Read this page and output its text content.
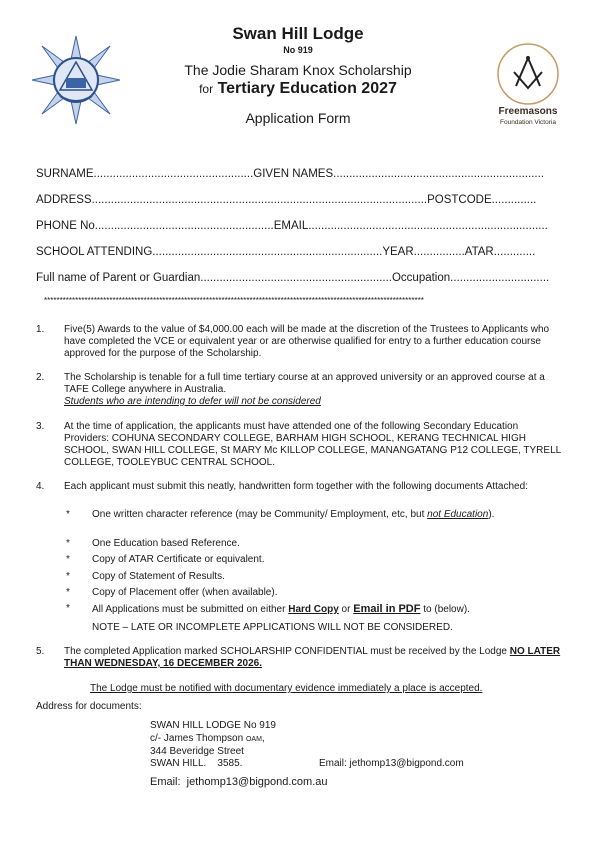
Freemasons
Foundation Victoria
Swan Hill Lodge
No 919
The Jodie Sharam Knox Scholarship
for Tertiary Education 2027
Application Form
SURNAME..................................................GIVEN NAMES..................................................................
ADDRESS.........................................................................................................POSTCODE..............
PHONE No........................................................EMAIL...........................................................................
SCHOOL ATTENDING........................................................................YEAR................ATAR.............
Full name of Parent or Guardian............................................................Occupation...............................
**************************************************************************************************************************
1. Five(5) Awards to the value of $4,000.00 each will be made at the discretion of the Trustees to Applicants who have completed the VCE or equivalent year or are otherwise qualified for entry to a further education course approved for the purpose of the Scholarship.
2. The Scholarship is tenable for a full time tertiary course at an approved university or an approved course at a TAFE College anywhere in Australia.
Students who are intending to defer will not be considered
3. At the time of application, the applicants must have attended one of the following Secondary Education Providers: COHUNA SECONDARY COLLEGE, BARHAM HIGH SCHOOL, KERANG TECHNICAL HIGH SCHOOL, SWAN HILL COLLEGE, St MARY Mc KILLOP COLLEGE, MANANGATANG P12 COLLEGE, TYRELL COLLEGE, TOOLEYBUC CENTRAL SCHOOL.
4. Each applicant must submit this neatly, handwritten form together with the following documents Attached:
* One written character reference (may be Community/ Employment, etc, but not Education).
* One Education based Reference.
* Copy of ATAR Certificate or equivalent.
* Copy of Statement of Results.
* Copy of Placement offer (when available).
* All Applications must be submitted on either Hard Copy or Email in PDF to (below).
NOTE – LATE OR INCOMPLETE APPLICATIONS WILL NOT BE CONSIDERED.
5. The completed Application marked SCHOLARSHIP CONFIDENTIAL must be received by the Lodge NO LATER THAN WEDNESDAY, 16 DECEMBER 2026.
The Lodge must be notified with documentary evidence immediately a place is accepted.
Address for documents:
SWAN HILL LODGE No 919
c/- James Thompson OAM,
344 Beveridge Street
SWAN HILL.    3585.	Email: jethomp13@bigpond.com
Email:  jethomp13@bigpond.com.au
